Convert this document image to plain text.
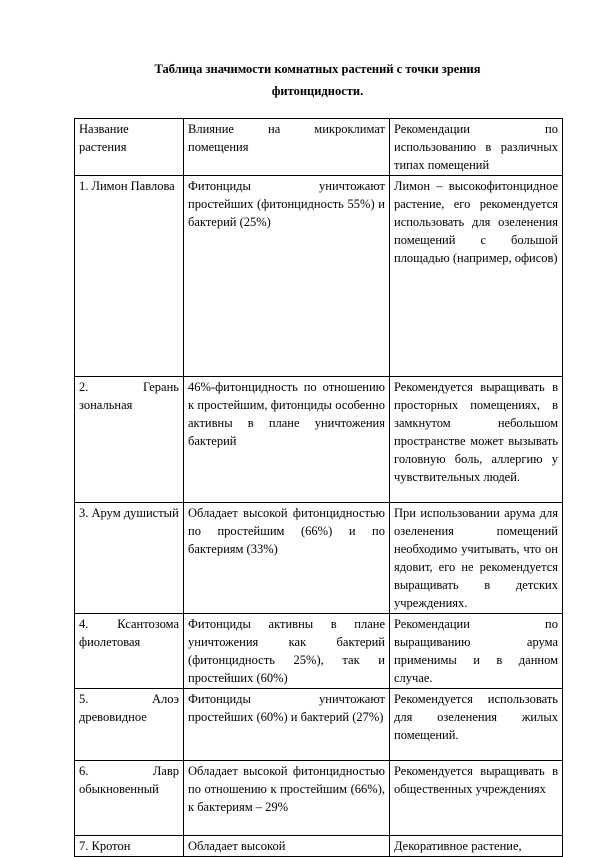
Таблица значимости комнатных растений с точки зрения
фитонцидности.
Название растения	Влияние на микроклимат помещения	Рекомендации по использованию в различных типах помещений
1. Лимон Павлова	Фитонциды уничтожают простейших (фитонцидность 55%) и бактерий (25%)	Лимон – высокофитонцидное растение, его рекомендуется использовать для озеленения помещений с большой площадью (например, офисов)
2. Герань зональная	46%-фитонцидность по отношению к простейшим, фитонциды особенно активны в плане уничтожения бактерий	Рекомендуется выращивать в просторных помещениях, в замкнутом небольшом пространстве может вызывать головную боль, аллергию у чувствительных людей.
3. Арум душистый	Обладает высокой фитонцидностью по простейшим (66%) и по бактериям (33%)	При использовании арума для озеленения помещений необходимо учитывать, что он ядовит, его не рекомендуется выращивать в детских учреждениях.
4. Ксантозома фиолетовая	Фитонциды активны в плане уничтожения как бактерий (фитонцидность 25%), так и простейших (60%)	Рекомендации по выращиванию арума применимы и в данном случае.
5. Алоэ древовидное	Фитонциды уничтожают простейших (60%) и бактерий (27%)	Рекомендуется использовать для озеленения жилых помещений.
6. Лавр обыкновенный	Обладает высокой фитонцидностью по отношению к простейшим (66%), к бактериям – 29%	Рекомендуется выращивать в общественных учреждениях
7. Кротон	Обладает высокой	Декоративное растение,
